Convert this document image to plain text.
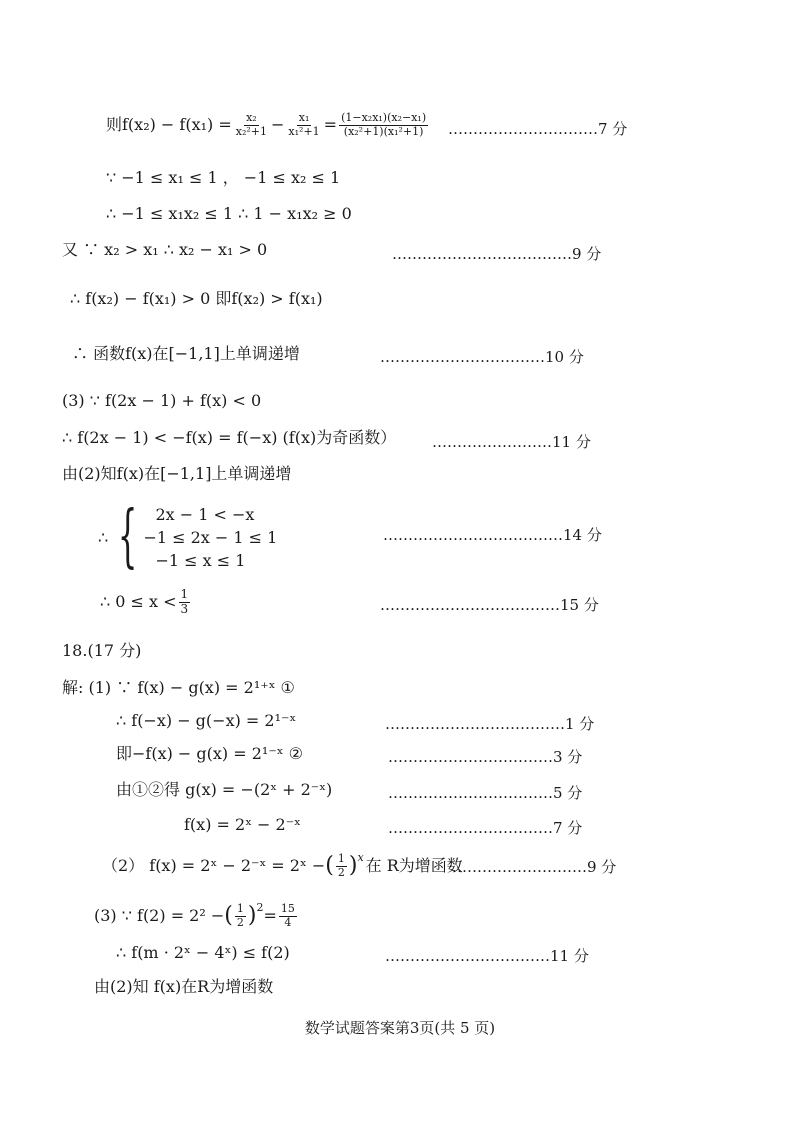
则$f(x_2) - f(x_1) = \frac{\text{x₂}}{\text{x₂²+1}} - \frac{\text{x₁}}{\text{x₁²+1}} = \frac{\text{(1−x₂x₁)(x₂−x₁)}}{\text{(x₂²+1)(x₁²+1)}}$ …………………………7 分
∵ −1 ≤ x₁ ≤ 1 ， −1 ≤ x₂ ≤ 1
∴ −1 ≤ x₁x₂ ≤ 1 ∴ 1 − x₁x₂ ≥ 0
又 ∵ x₂ > x₁ ∴ x₂ − x₁ > 0	………………………………9 分
∴ f(x₂) − f(x₁) > 0 即f(x₂) > f(x₁)
∴ 函数f(x)在[−1,1]上单调递增	……………………………10 分
(3) ∵ f(2x − 1) + f(x) < 0
∴ f(2x − 1) < −f(x) = f(−x) (f(x)为奇函数） ……………………11 分
由(2)知f(x)在[−1,1]上单调递增
∴ {	2x − 1 < −x
−1 ≤ 2x − 1 ≤ 1
−1 ≤ x ≤ 1
………………………………14 分
∴ $0 \le x < \frac{1}{3}$	………………………………15 分
18.(17 分)
解: (1) ∵ f(x) − g(x) = 2¹⁺ˣ ①
∴ f(−x) − g(−x) = 2¹⁻ˣ	………………………………1 分
即−f(x) − g(x) = 2¹⁻ˣ ②	……………………………3 分
由①②得 g(x) = −(2ˣ + 2⁻ˣ)	……………………………5 分
f(x) = 2ˣ − 2⁻ˣ	……………………………7 分
（2） f(x) = 2ˣ − 2⁻ˣ = 2ˣ − ( $\frac{1}{2}$ ) x 在 R为增函数
………………………9 分
(3) ∵ f(2) = 2² − ( $\frac{1}{2}$ ) $2 = \frac{15}{4}$
∴ f(m · 2ˣ − 4ˣ) ≤ f(2)	……………………………11 分
由(2)知 f(x)在R为增函数
数学试题答案第3页(共 5 页)
